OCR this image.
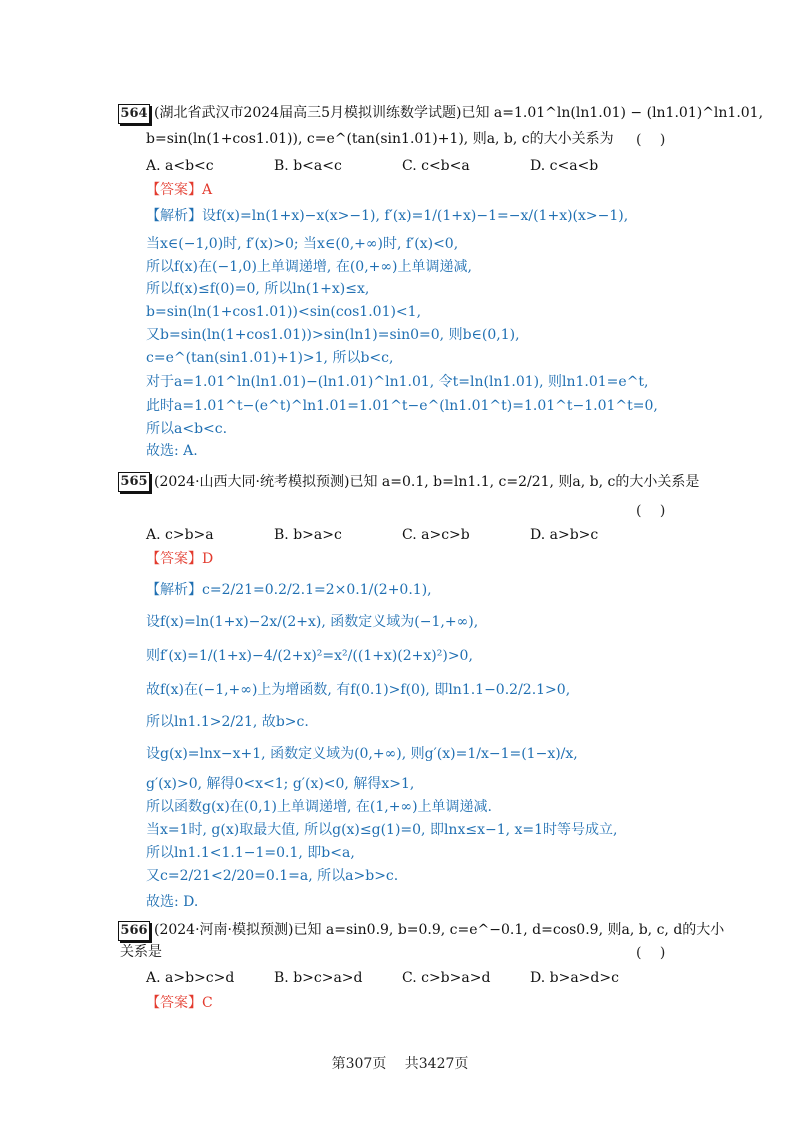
564 (湖北省武汉市2024届高三5月模拟训练数学试题)已知 a=1.01^ln(ln1.01) − (ln1.01)^ln1.01,
b=sin(ln(1+cos1.01)), c=e^(tan(sin1.01)+1), 则a, b, c的大小关系为 (　 )
A. a<b<c	B. b<a<c	C. c<b<a	D. c<a<b
【答案】A
【解析】设f(x)=ln(1+x)−x(x>−1), f′(x)=1/(1+x)−1=−x/(1+x)(x>−1),
当x∈(−1,0)时, f′(x)>0; 当x∈(0,+∞)时, f′(x)<0,
所以f(x)在(−1,0)上单调递增, 在(0,+∞)上单调递减,
所以f(x)≤f(0)=0, 所以ln(1+x)≤x,
b=sin(ln(1+cos1.01))<sin(cos1.01)<1,
又b=sin(ln(1+cos1.01))>sin(ln1)=sin0=0, 则b∈(0,1),
c=e^(tan(sin1.01)+1)>1, 所以b<c,
对于a=1.01^ln(ln1.01)−(ln1.01)^ln1.01, 令t=ln(ln1.01), 则ln1.01=e^t,
此时a=1.01^t−(e^t)^ln1.01=1.01^t−e^(ln1.01^t)=1.01^t−1.01^t=0,
所以a<b<c.
故选: A.
565 (2024·山西大同·统考模拟预测)已知 a=0.1, b=ln1.1, c=2/21, 则a, b, c的大小关系是
(　 )
A. c>b>a	B. b>a>c	C. a>c>b	D. a>b>c
【答案】D
【解析】c=2/21=0.2/2.1=2×0.1/(2+0.1),
设f(x)=ln(1+x)−2x/(2+x), 函数定义域为(−1,+∞),
则f′(x)=1/(1+x)−4/(2+x)²=x²/((1+x)(2+x)²)>0,
故f(x)在(−1,+∞)上为增函数, 有f(0.1)>f(0), 即ln1.1−0.2/2.1>0,
所以ln1.1>2/21, 故b>c.
设g(x)=lnx−x+1, 函数定义域为(0,+∞), 则g′(x)=1/x−1=(1−x)/x,
g′(x)>0, 解得0<x<1; g′(x)<0, 解得x>1,
所以函数g(x)在(0,1)上单调递增, 在(1,+∞)上单调递减.
当x=1时, g(x)取最大值, 所以g(x)≤g(1)=0, 即lnx≤x−1, x=1时等号成立,
所以ln1.1<1.1−1=0.1, 即b<a,
又c=2/21<2/20=0.1=a, 所以a>b>c.
故选: D.
566 (2024·河南·模拟预测)已知 a=sin0.9, b=0.9, c=e^−0.1, d=cos0.9, 则a, b, c, d的大小
关系是	(　 )
A. a>b>c>d	B. b>c>a>d	C. c>b>a>d	D. b>a>d>c
【答案】C
第307页　 共3427页
